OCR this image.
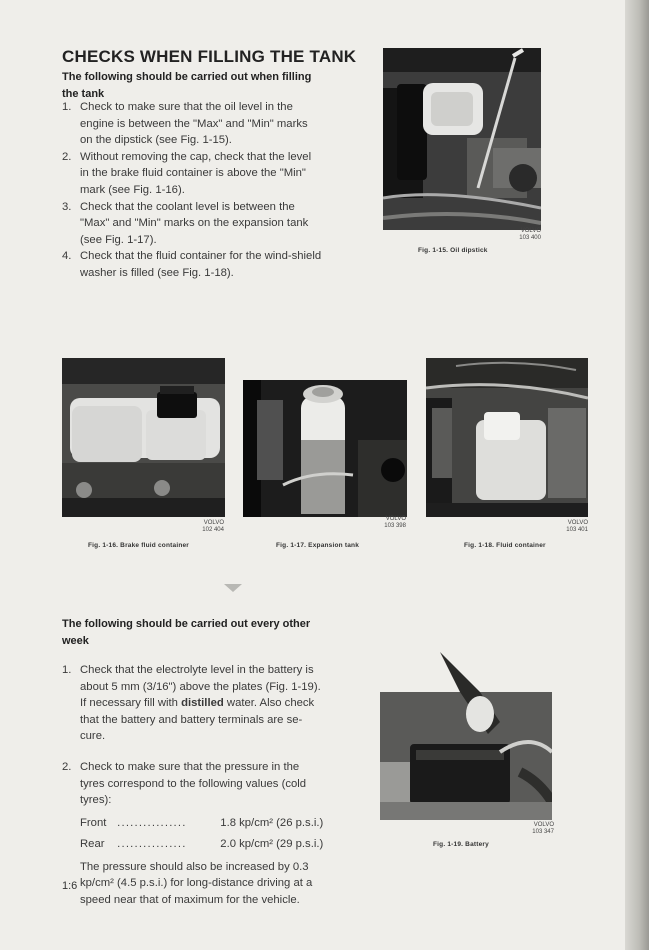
CHECKS WHEN FILLING THE TANK
The following should be carried out when filling the tank
1. Check to make sure that the oil level in the engine is between the "Max" and "Min" marks on the dipstick (see Fig. 1-15).
2. Without removing the cap, check that the level in the brake fluid container is above the "Min" mark (see Fig. 1-16).
3. Check that the coolant level is between the "Max" and "Min" marks on the expansion tank (see Fig. 1-17).
4. Check that the fluid container for the wind-shield washer is filled (see Fig. 1-18).
VOLVO
103 400
Fig. 1-15. Oil dipstick
VOLVO
102 404
Fig. 1-16. Brake fluid container
VOLVO
103 398
Fig. 1-17. Expansion tank
VOLVO
103 401
Fig. 1-18. Fluid container
The following should be carried out every other week
1. Check that the electrolyte level in the battery is about 5 mm (3/16") above the plates (Fig. 1-19). If necessary fill with distilled water. Also check that the battery and battery terminals are se-cure.
2. Check to make sure that the pressure in the tyres correspond to the following values (cold tyres):
Front ................	1.8 kp/cm² (26 p.s.i.)
Rear ................	2.0 kp/cm² (29 p.s.i.)
The pressure should also be increased by 0.3 kp/cm² (4.5 p.s.i.) for long-distance driving at a speed near that of maximum for the vehicle.
VOLVO
103 347
Fig. 1-19. Battery
1:6
